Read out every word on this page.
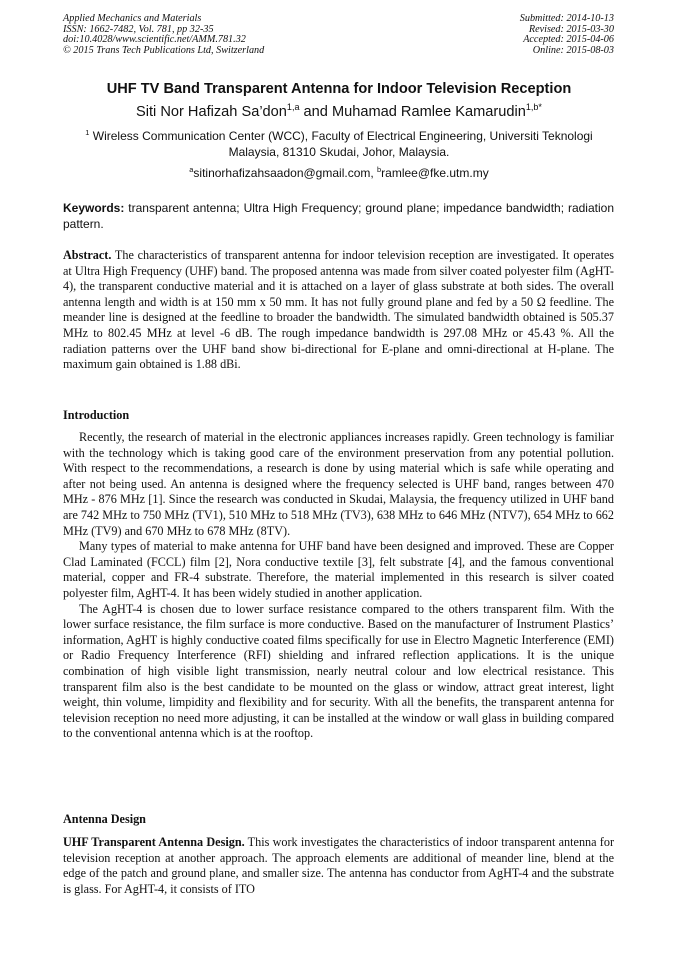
Applied Mechanics and Materials
ISSN: 1662-7482, Vol. 781, pp 32-35
doi:10.4028/www.scientific.net/AMM.781.32
© 2015 Trans Tech Publications Ltd, Switzerland
Submitted: 2014-10-13
Revised: 2015-03-30
Accepted: 2015-04-06
Online: 2015-08-03
UHF TV Band Transparent Antenna for Indoor Television Reception
Siti Nor Hafizah Sa’don$^{1,a}$ and Muhamad Ramlee Kamarudin$^{1,b*}$
$^1$ Wireless Communication Center (WCC), Faculty of Electrical Engineering, Universiti Teknologi Malaysia, 81310 Skudai, Johor, Malaysia.
$^a$sitinorhafizahsaadon@gmail.com, $^b$ramlee@fke.utm.my
Keywords: transparent antenna; Ultra High Frequency; ground plane; impedance bandwidth; radiation pattern.
Abstract. The characteristics of transparent antenna for indoor television reception are investigated. It operates at Ultra High Frequency (UHF) band. The proposed antenna was made from silver coated polyester film (AgHT-4), the transparent conductive material and it is attached on a layer of glass substrate at both sides. The overall antenna length and width is at 150 mm x 50 mm. It has not fully ground plane and fed by a 50 Ω feedline. The meander line is designed at the feedline to broader the bandwidth. The simulated bandwidth obtained is 505.37 MHz to 802.45 MHz at level -6 dB. The rough impedance bandwidth is 297.08 MHz or 45.43 %. All the radiation patterns over the UHF band show bi-directional for E-plane and omni-directional at H-plane. The maximum gain obtained is 1.88 dBi.
Introduction

Recently, the research of material in the electronic appliances increases rapidly. Green technology is familiar with the technology which is taking good care of the environment preservation from any potential pollution. With respect to the recommendations, a research is done by using material which is safe while operating and after not being used. An antenna is designed where the frequency selected is UHF band, ranges between 470 MHz - 876 MHz [1]. Since the research was conducted in Skudai, Malaysia, the frequency utilized in UHF band are 742 MHz to 750 MHz (TV1), 510 MHz to 518 MHz (TV3), 638 MHz to 646 MHz (NTV7), 654 MHz to 662 MHz (TV9) and 670 MHz to 678 MHz (8TV).

Many types of material to make antenna for UHF band have been designed and improved. These are Copper Clad Laminated (FCCL) film [2], Nora conductive textile [3], felt substrate [4], and the famous conventional material, copper and FR-4 substrate. Therefore, the material implemented in this research is silver coated polyester film, AgHT-4. It has been widely studied in another application.

The AgHT-4 is chosen due to lower surface resistance compared to the others transparent film. With the lower surface resistance, the film surface is more conductive. Based on the manufacturer of Instrument Plastics’ information, AgHT is highly conductive coated films specifically for use in Electro Magnetic Interference (EMI) or Radio Frequency Interference (RFI) shielding and infrared reflection applications. It is the unique combination of high visible light transmission, nearly neutral colour and low electrical resistance. This transparent film also is the best candidate to be mounted on the glass or window, attract great interest, light weight, thin volume, limpidity and flexibility and for security. With all the benefits, the transparent antenna for television reception no need more adjusting, it can be installed at the window or wall glass in building compared to the conventional antenna which is at the rooftop.

Antenna Design
UHF Transparent Antenna Design. This work investigates the characteristics of indoor transparent antenna for television reception at another approach. The approach elements are additional of meander line, blend at the edge of the patch and ground plane, and smaller size. The antenna has conductor from AgHT-4 and the substrate is glass. For AgHT-4, it consists of ITO
